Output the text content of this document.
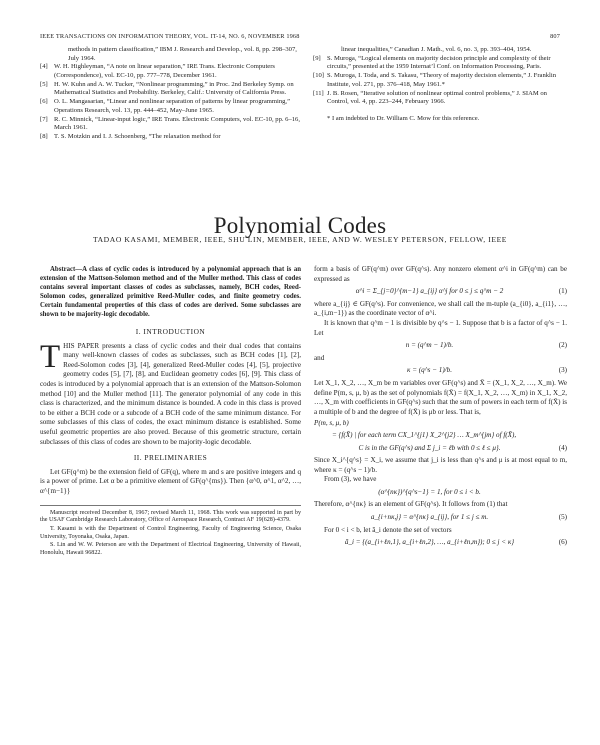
IEEE TRANSACTIONS ON INFORMATION THEORY, VOL. IT-14, NO. 6, NOVEMBER 1968	807
methods in pattern classification,” IBM J. Research and Develop., vol. 8, pp. 298–307, July 1964.
[4] W. H. Highleyman, “A note on linear separation,” IRE Trans. Electronic Computers (Correspondence), vol. EC-10, pp. 777–778, December 1961.
[5] H. W. Kuhn and A. W. Tucker, “Nonlinear programming,” in Proc. 2nd Berkeley Symp. on Mathematical Statistics and Probability. Berkeley, Calif.: University of California Press.
[6] O. L. Mangasarian, “Linear and nonlinear separation of patterns by linear programming,” Operations Research, vol. 13, pp. 444–452, May–June 1965.
[7] R. C. Minnick, “Linear-input logic,” IRE Trans. Electronic Computers, vol. EC-10, pp. 6–16, March 1961.
[8] T. S. Motzkin and I. J. Schoenberg, “The relaxation method for
linear inequalities,” Canadian J. Math., vol. 6, no. 3, pp. 393–404, 1954.
[9] S. Muroga, “Logical elements on majority decision principle and complexity of their circuits,” presented at the 1959 Internat’l Conf. on Information Processing, Paris.
[10] S. Muroga, I. Toda, and S. Takasu, “Theory of majority decision elements,” J. Franklin Institute, vol. 271, pp. 376–418, May 1961.*
[11] J. B. Rosen, “Iterative solution of nonlinear optimal control problems,” J. SIAM on Control, vol. 4, pp. 223–244, February 1966.
* I am indebted to Dr. William C. Mow for this reference.
Polynomial Codes
TADAO KASAMI, MEMBER, IEEE, SHU LIN, MEMBER, IEEE, AND W. WESLEY PETERSON, FELLOW, IEEE

Abstract—A class of cyclic codes is introduced by a polynomial approach that is an extension of the Mattson-Solomon method and of the Muller method. This class of codes contains several important classes of codes as subclasses, namely, BCH codes, Reed-Solomon codes, generalized primitive Reed-Muller codes, and finite geometry codes. Certain fundamental properties of this class of codes are derived. Some subclasses are shown to be majority-logic decodable.

I. INTRODUCTION

THIS PAPER presents a class of cyclic codes and their dual codes that contains many well-known classes of codes as subclasses, such as BCH codes [1], [2], Reed-Solomon codes [3], [4], generalized Reed-Muller codes [4], [5], projective geometry codes [5], [7], [8], and Euclidean geometry codes [6], [9]. This class of codes is introduced by a polynomial approach that is an extension of the Mattson-Solomon method [10] and the Muller method [11]. The generator polynomial of any code in this class is characterized, and the minimum distance is bounded. A code in this class is proved to be either a BCH code or a subcode of a BCH code of the same minimum distance. For some subclasses of this class of codes, the exact minimum distance is established. Some useful geometric properties are also proved. Because of this geometric structure, certain subclasses of this class of codes are shown to be majority-logic decodable.

II. PRELIMINARIES

Let GF(q^m) be the extension field of GF(q), where m and s are positive integers and q is a power of prime. Let α be a primitive element of GF(q^{ms}). Then {α^0, α^1, α^2, …, α^{m−1}}

Manuscript received December 8, 1967; revised March 11, 1968. This work was supported in part by the USAF Cambridge Research Laboratory, Office of Aerospace Research, Contract AF 19(628)-4379.

T. Kasami is with the Department of Control Engineering, Faculty of Engineering Science, Osaka University, Toyonaka, Osaka, Japan.

S. Lin and W. W. Peterson are with the Department of Electrical Engineering, University of Hawaii, Honolulu, Hawaii 96822.

form a basis of GF(q^m) over GF(q^s). Any nonzero element α^i in GF(q^m) can be expressed as

α^i = Σ_{j=0}^{m−1} a_{ij} α^j for 0 ≤ j ≤ q^m − 2	(1)

where a_{ij} ∈ GF(q^s). For convenience, we shall call the m-tuple (a_{i0}, a_{i1}, …, a_{i,m−1}) as the coordinate vector of α^i.

It is known that q^m − 1 is divisible by q^s − 1. Suppose that b is a factor of q^s − 1. Let

n = (q^m − 1)/b.	(2)

and

κ = (q^s − 1)/b.	(3)

Let X_1, X_2, …, X_m be m variables over GF(q^s) and X̄ = (X_1, X_2, …, X_m). We define P(m, s, μ, b) as the set of polynomials f(X̄) = f(X_1, X_2, …, X_m) in X_1, X_2, …, X_m with coefficients in GF(q^s) such that the sum of powers in each term of f(X̄) is a multiple of b and the degree of f(X̄) is μb or less. That is,

P(m, s, μ, b)

= {f(X̄) | for each term CX_1^{j1} X_2^{j2} … X_m^{jm} of f(X̄),
C is in the GF(q^s) and Σ j_i = ℓb with 0 ≤ ℓ ≤ μ}.	(4)

Since X_i^{q^s} = X_i, we assume that j_i is less than q^s and μ is at most equal to m, where κ = (q^s − 1)/b.

From (3), we have

(α^{nκ})^{q^s−1} = 1, for 0 ≤ i < b.

Therefore, α^{nκ} is an element of GF(q^s). It follows from (1) that

a_{i+nκ,j} = α^{nκ} a_{ij}, for 1 ≤ j ≤ m.	(5)

For 0 < i < b, let ā_i denote the set of vectors

ā_i = {(a_{i+ℓn,1}, a_{i+ℓn,2}, …, a_{i+ℓn,m}); 0 ≤ j < κ}	(6)
